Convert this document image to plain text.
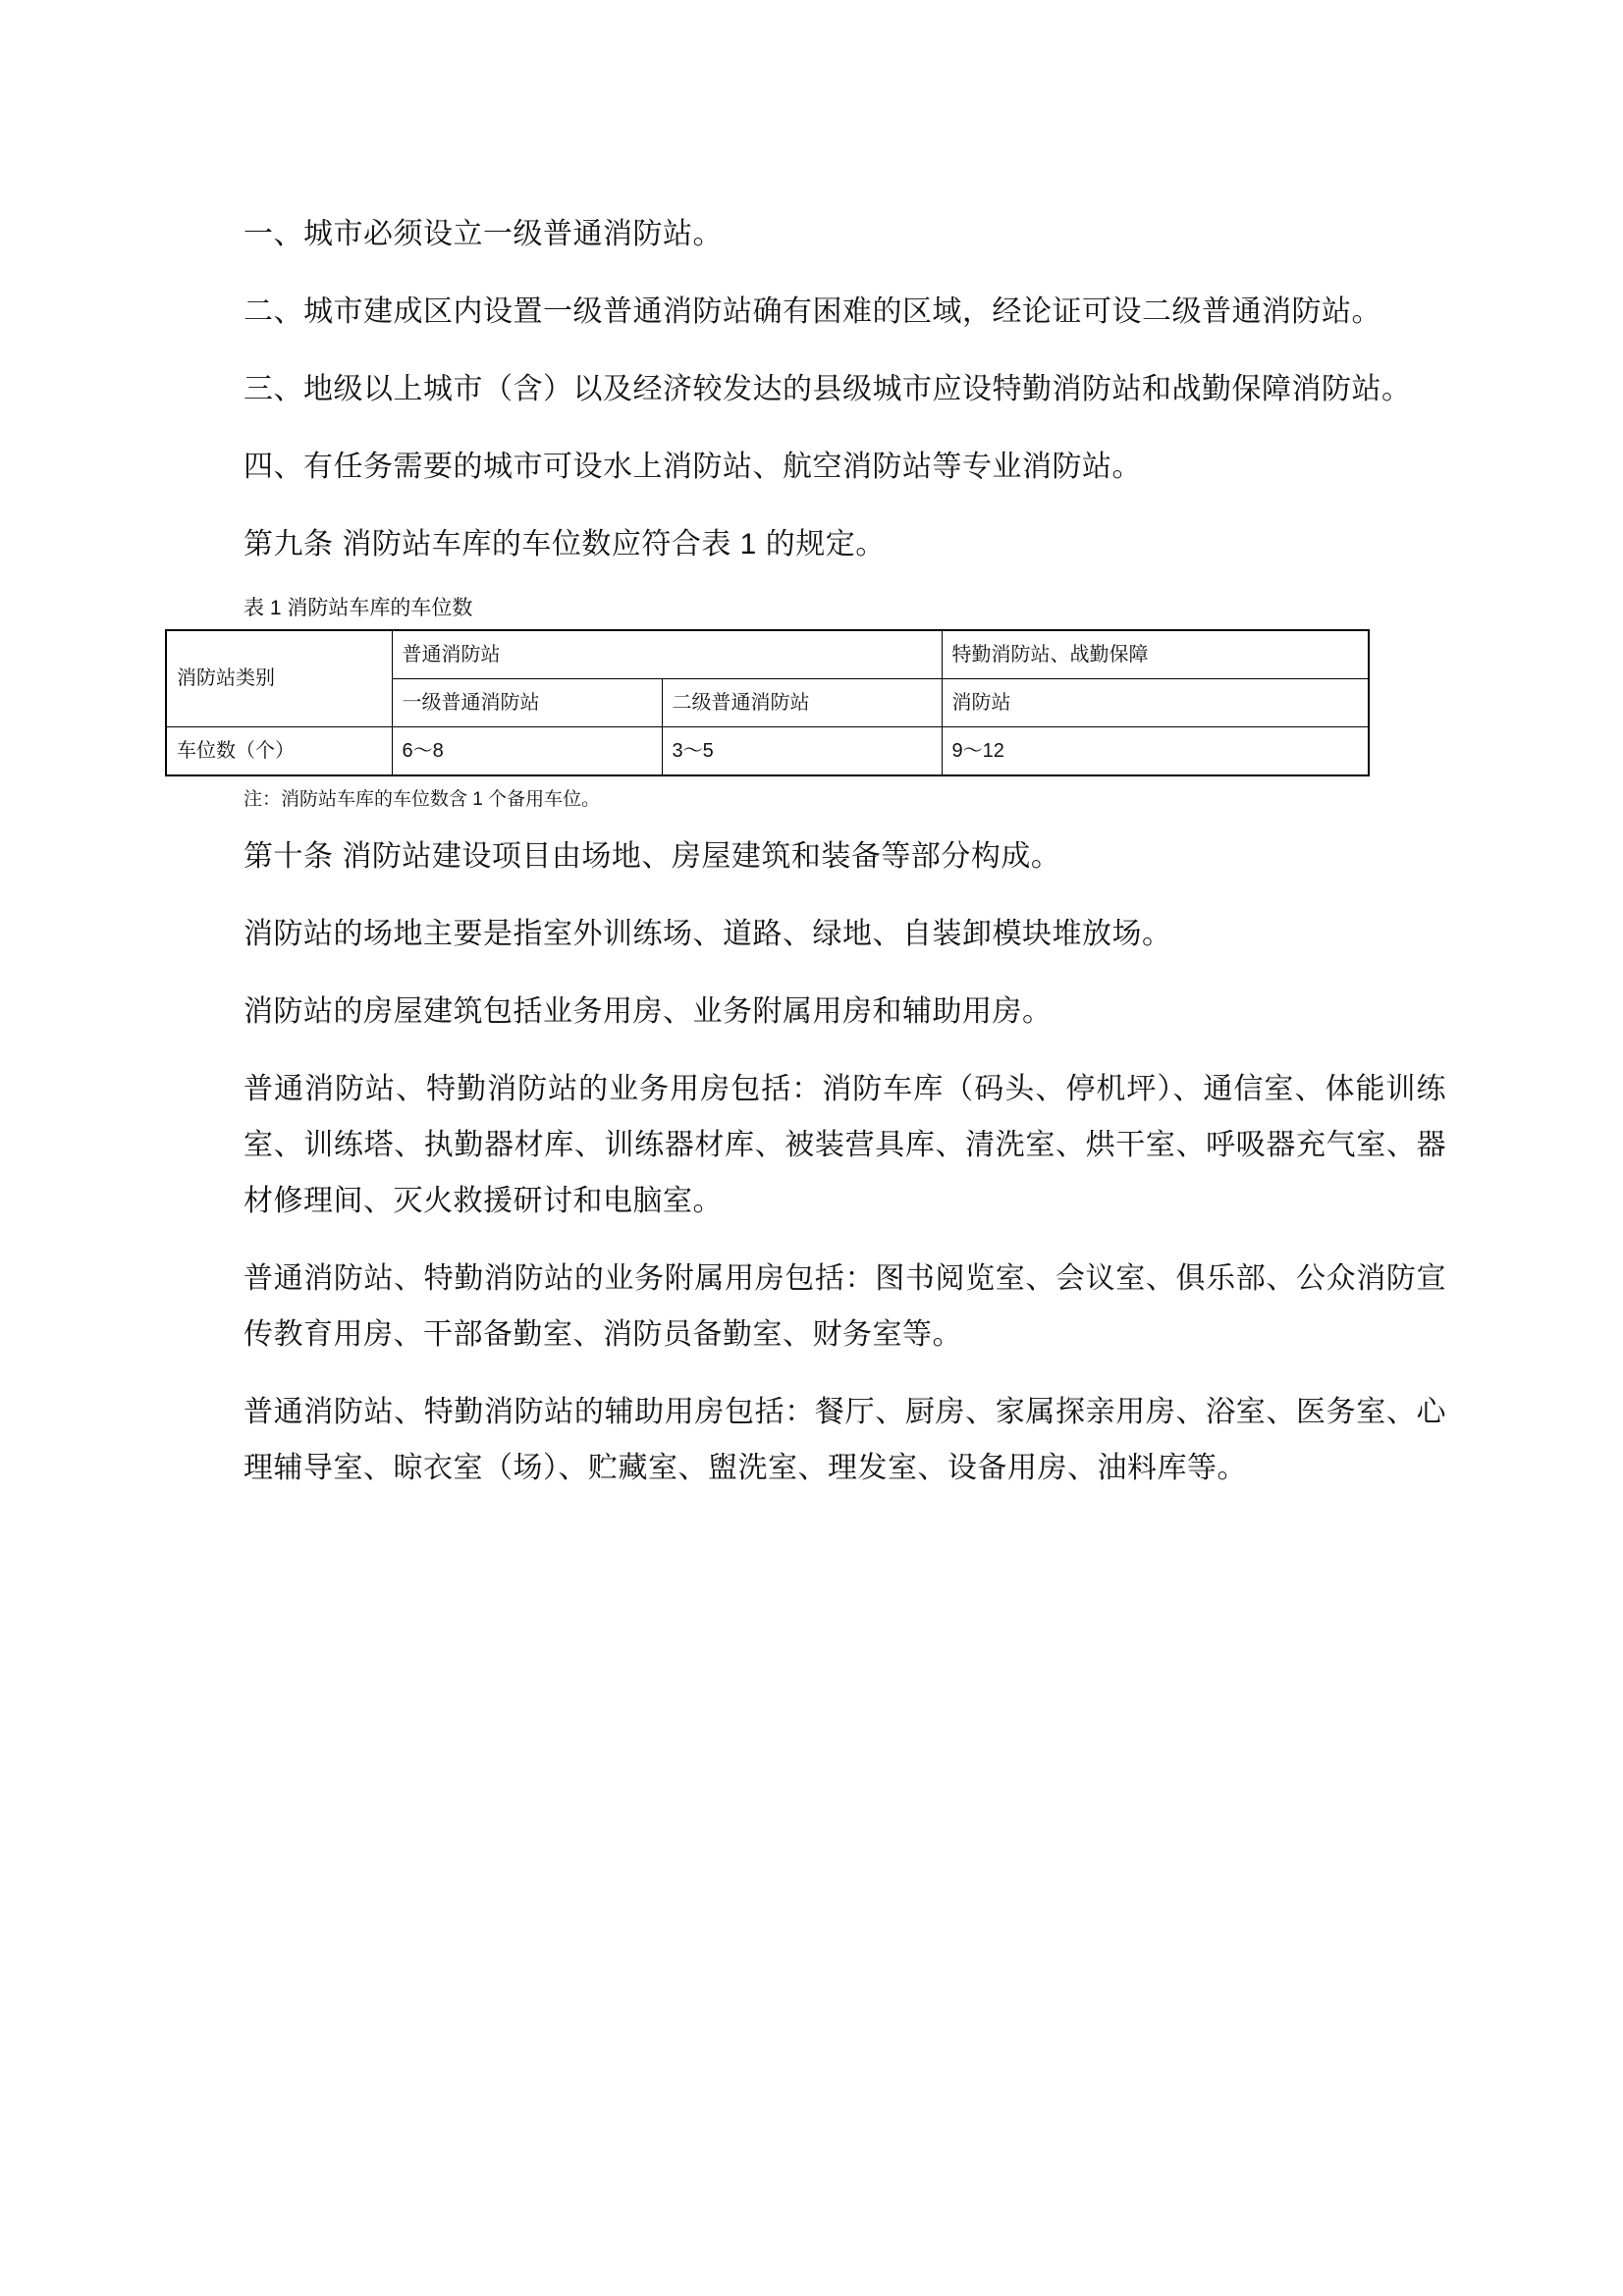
一、城市必须设立一级普通消防站。

二、城市建成区内设置一级普通消防站确有困难的区域，经论证可设二级普通消防站。

三、地级以上城市（含）以及经济较发达的县级城市应设特勤消防站和战勤保障消防站。

四、有任务需要的城市可设水上消防站、航空消防站等专业消防站。

第九条 消防站车库的车位数应符合表 1 的规定。

表 1 消防站车库的车位数
消防站类别	普通消防站		特勤消防站、战勤保障
	一级普通消防站	二级普通消防站	消防站
车位数（个）	6～8	3～5	9～12
注：消防站车库的车位数含 1 个备用车位。

第十条 消防站建设项目由场地、房屋建筑和装备等部分构成。

消防站的场地主要是指室外训练场、道路、绿地、自装卸模块堆放场。

消防站的房屋建筑包括业务用房、业务附属用房和辅助用房。

普通消防站、特勤消防站的业务用房包括：消防车库（码头、停机坪）、通信室、体能训练室、训练塔、执勤器材库、训练器材库、被装营具库、清洗室、烘干室、呼吸器充气室、器材修理间、灭火救援研讨和电脑室。

普通消防站、特勤消防站的业务附属用房包括：图书阅览室、会议室、俱乐部、公众消防宣传教育用房、干部备勤室、消防员备勤室、财务室等。

普通消防站、特勤消防站的辅助用房包括：餐厅、厨房、家属探亲用房、浴室、医务室、心理辅导室、晾衣室（场）、贮藏室、盥洗室、理发室、设备用房、油料库等。
